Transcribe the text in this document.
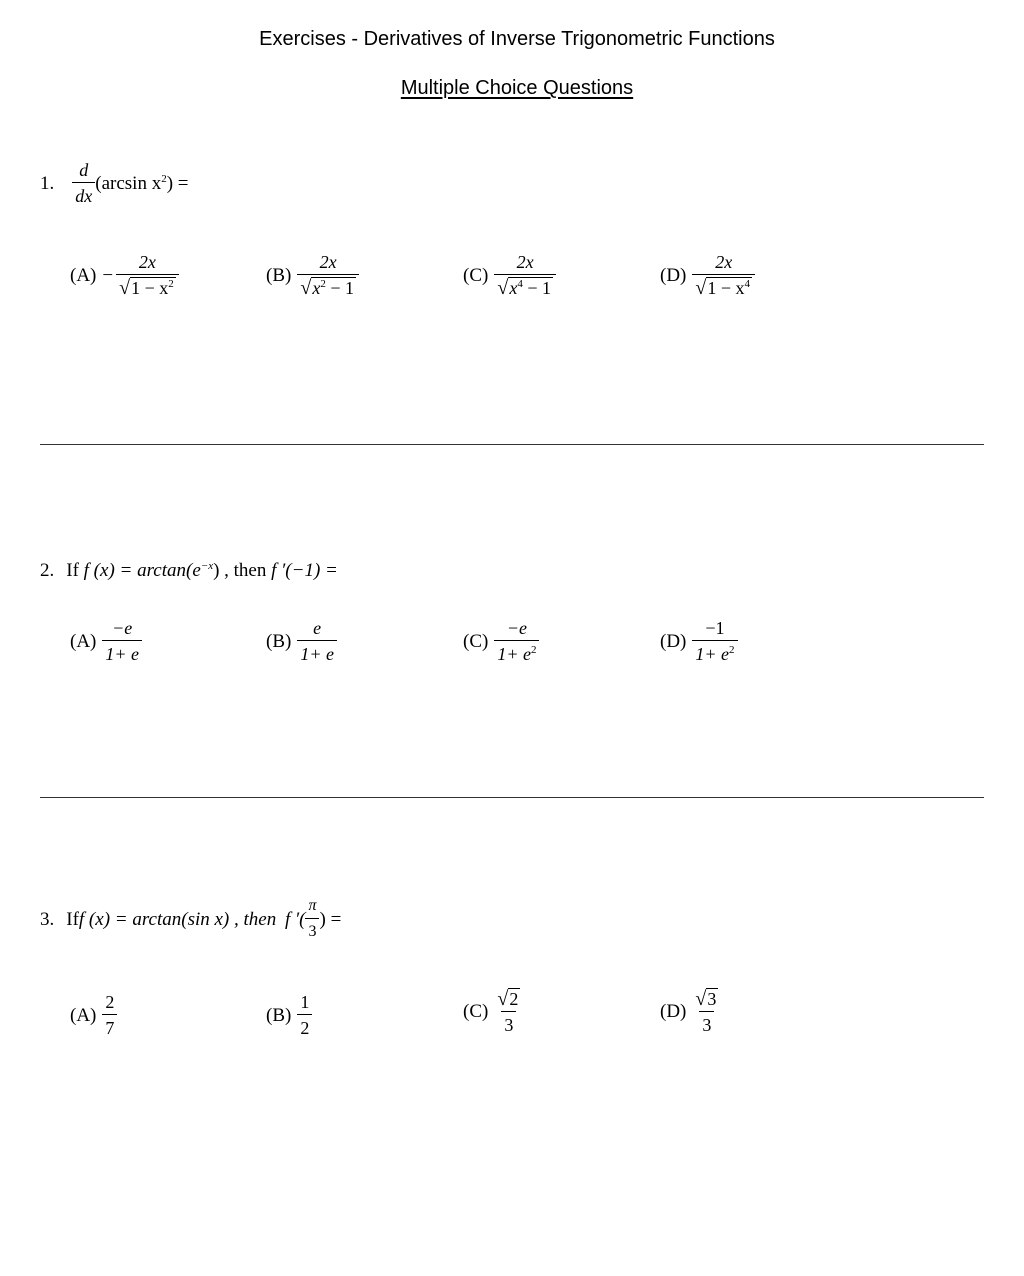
Exercises - Derivatives of Inverse Trigonometric Functions
Multiple Choice Questions
1. $\frac{d}{dx} (\arcsin$ $x^2$) =
$(A) - \frac{2x}{√ 1 - x^2}$	$(B) \frac{2x}{√ x^2 - 1}$	$(C) \frac{2x}{√ x^4 - 1}$	$(D) \frac{2x}{√ 1 - x^4}$
2. If f $(x) = \arctan(e^{-x})$ , then f ′(−1) =
$(A) \frac{-e}{1+ e}$	$(B) \frac{e}{1+ e}$	$(C) \frac{-e}{1+ e^2}$	$(D) \frac{-1}{1+ e^2}$
3. If f (x) = arctan(sin x) , then f ′( $\frac{\pi}{3}$ ) =
$(A) \frac{2}{7}$	$(B) \frac{1}{2}$	$(C) \frac{√ 2}{3}$	$(D) \frac{√ 3}{3}$
